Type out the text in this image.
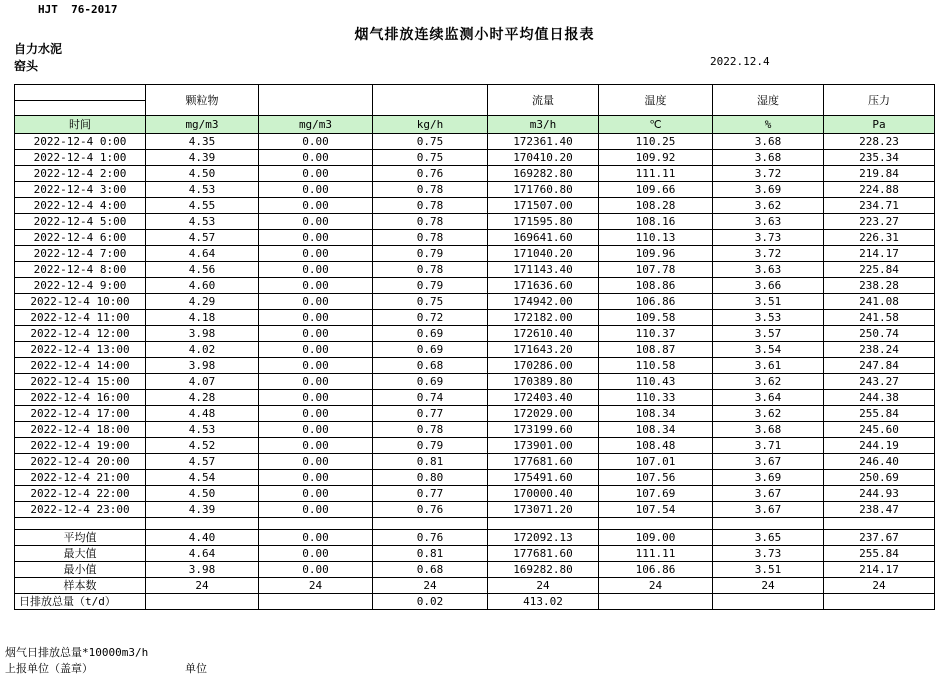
HJT  76-2017
烟气排放连续监测小时平均值日报表
自力水泥
窑头	2022.12.4
	颗粒物			流量	温度	湿度	压力

时间	mg/m3	mg/m3	kg/h	m3/h	℃	%	Pa
2022-12-4 0:00	4.35	0.00	0.75	172361.40	110.25	3.68	228.23
2022-12-4 1:00	4.39	0.00	0.75	170410.20	109.92	3.68	235.34
2022-12-4 2:00	4.50	0.00	0.76	169282.80	111.11	3.72	219.84
2022-12-4 3:00	4.53	0.00	0.78	171760.80	109.66	3.69	224.88
2022-12-4 4:00	4.55	0.00	0.78	171507.00	108.28	3.62	234.71
2022-12-4 5:00	4.53	0.00	0.78	171595.80	108.16	3.63	223.27
2022-12-4 6:00	4.57	0.00	0.78	169641.60	110.13	3.73	226.31
2022-12-4 7:00	4.64	0.00	0.79	171040.20	109.96	3.72	214.17
2022-12-4 8:00	4.56	0.00	0.78	171143.40	107.78	3.63	225.84
2022-12-4 9:00	4.60	0.00	0.79	171636.60	108.86	3.66	238.28
2022-12-4 10:00	4.29	0.00	0.75	174942.00	106.86	3.51	241.08
2022-12-4 11:00	4.18	0.00	0.72	172182.00	109.58	3.53	241.58
2022-12-4 12:00	3.98	0.00	0.69	172610.40	110.37	3.57	250.74
2022-12-4 13:00	4.02	0.00	0.69	171643.20	108.87	3.54	238.24
2022-12-4 14:00	3.98	0.00	0.68	170286.00	110.58	3.61	247.84
2022-12-4 15:00	4.07	0.00	0.69	170389.80	110.43	3.62	243.27
2022-12-4 16:00	4.28	0.00	0.74	172403.40	110.33	3.64	244.38
2022-12-4 17:00	4.48	0.00	0.77	172029.00	108.34	3.62	255.84
2022-12-4 18:00	4.53	0.00	0.78	173199.60	108.34	3.68	245.60
2022-12-4 19:00	4.52	0.00	0.79	173901.00	108.48	3.71	244.19
2022-12-4 20:00	4.57	0.00	0.81	177681.60	107.01	3.67	246.40
2022-12-4 21:00	4.54	0.00	0.80	175491.60	107.56	3.69	250.69
2022-12-4 22:00	4.50	0.00	0.77	170000.40	107.69	3.67	244.93
2022-12-4 23:00	4.39	0.00	0.76	173071.20	107.54	3.67	238.47

平均值	4.40	0.00	0.76	172092.13	109.00	3.65	237.67
最大值	4.64	0.00	0.81	177681.60	111.11	3.73	255.84
最小值	3.98	0.00	0.68	169282.80	106.86	3.51	214.17
样本数	24	24	24	24	24	24	24
日排放总量（t/d）			0.02	413.02			
烟气日排放总量*10000m3/h
上报单位（盖章）	单位
